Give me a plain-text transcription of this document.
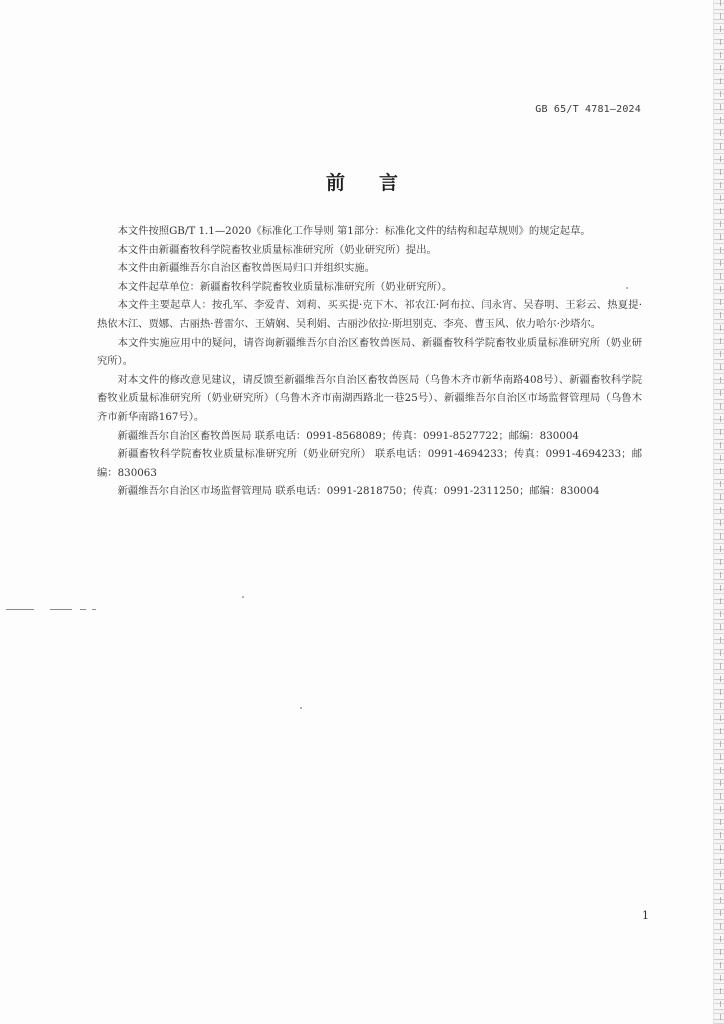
GB 65/T 4781—2024
前言

本文件按照GB/T 1.1—2020《标准化工作导则 第1部分：标准化文件的结构和起草规则》的规定起草。

本文件由新疆畜牧科学院畜牧业质量标准研究所（奶业研究所）提出。

本文件由新疆维吾尔自治区畜牧兽医局归口并组织实施。

本文件起草单位：新疆畜牧科学院畜牧业质量标准研究所（奶业研究所）。

本文件主要起草人：按孔军、李爱青、刘莉、买买提·克下木、祁农江·阿布拉、闫永宵、吴春明、王彩云、热夏提·热依木江、贾娜、古丽热·普雷尔、王婧娴、吴利娟、古丽沙依拉·斯坦别克、李亮、曹玉风、依力哈尔·沙塔尔。

本文件实施应用中的疑问，请咨询新疆维吾尔自治区畜牧兽医局、新疆畜牧科学院畜牧业质量标准研究所（奶业研究所）。

对本文件的修改意见建议，请反馈至新疆维吾尔自治区畜牧兽医局（乌鲁木齐市新华南路408号）、新疆畜牧科学院畜牧业质量标准研究所（奶业研究所）（乌鲁木齐市南湖西路北一巷25号）、新疆维吾尔自治区市场监督管理局（乌鲁木齐市新华南路167号）。

新疆维吾尔自治区畜牧兽医局 联系电话：0991-8568089；传真：0991-8527722；邮编：830004

新疆畜牧科学院畜牧业质量标准研究所（奶业研究所） 联系电话：0991-4694233；传真：0991-4694233；邮编：830063

新疆维吾尔自治区市场监督管理局 联系电话：0991-2818750；传真：0991-2311250；邮编：830004

1
